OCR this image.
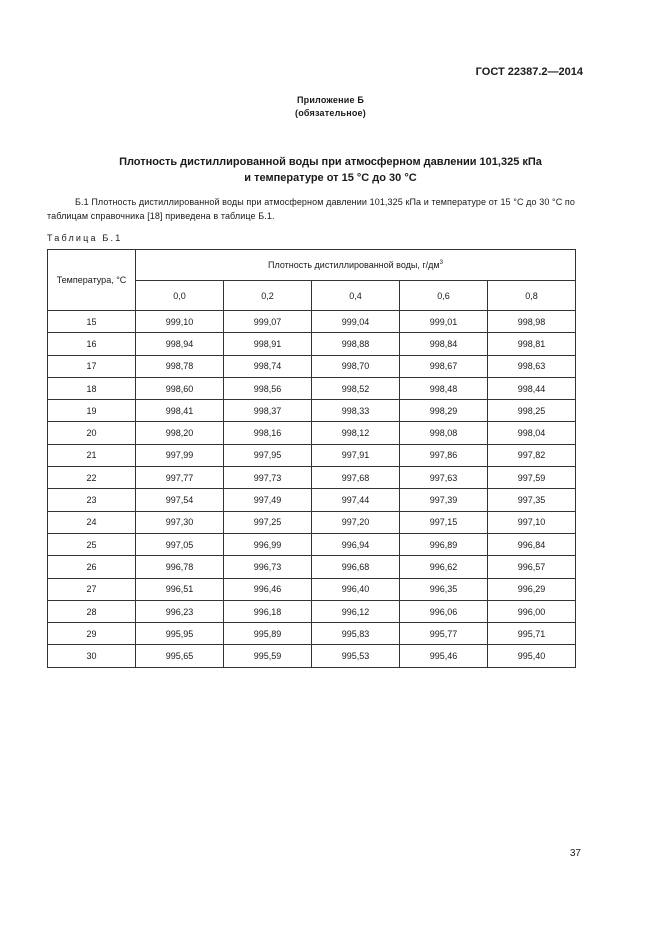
ГОСТ 22387.2—2014
Приложение Б
(обязательное)
Плотность дистиллированной воды при атмосферном давлении 101,325 кПа
и температуре от 15 °С до 30 °С
Б.1 Плотность дистиллированной воды при атмосферном давлении 101,325 кПа и температуре от 15 °С до 30 °С по таблицам справочника [18] приведена в таблице Б.1.
Таблица Б.1
Температура, °С	Плотность дистиллированной воды, $г/дм^3$
	0,0	0,2	0,4	0,6	0,8
15	999,10	999,07	999,04	999,01	998,98
16	998,94	998,91	998,88	998,84	998,81
17	998,78	998,74	998,70	998,67	998,63
18	998,60	998,56	998,52	998,48	998,44
19	998,41	998,37	998,33	998,29	998,25
20	998,20	998,16	998,12	998,08	998,04
21	997,99	997,95	997,91	997,86	997,82
22	997,77	997,73	997,68	997,63	997,59
23	997,54	997,49	997,44	997,39	997,35
24	997,30	997,25	997,20	997,15	997,10
25	997,05	996,99	996,94	996,89	996,84
26	996,78	996,73	996,68	996,62	996,57
27	996,51	996,46	996,40	996,35	996,29
28	996,23	996,18	996,12	996,06	996,00
29	995,95	995,89	995,83	995,77	995,71
30	995,65	995,59	995,53	995,46	995,40
37
